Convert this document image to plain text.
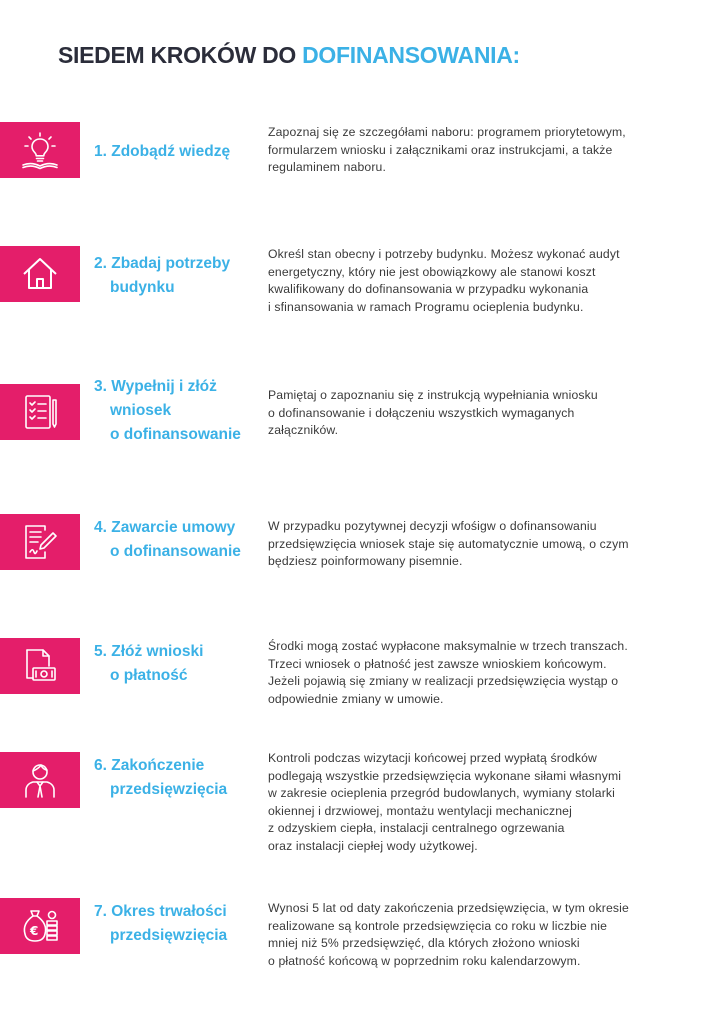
SIEDEM KROKÓW DO DOFINANSOWANIA:
1. Zdobądź wiedzę
Zapoznaj się ze szczegółami naboru: programem priorytetowym,
formularzem wniosku i załącznikami oraz instrukcjami, a także
regulaminem naboru.
2. Zbadaj potrzeby
budynku
Określ stan obecny i potrzeby budynku. Możesz wykonać audyt
energetyczny, który nie jest obowiązkowy ale stanowi koszt
kwalifikowany do dofinansowania w przypadku wykonania
i sfinansowania w ramach Programu ocieplenia budynku.
3. Wypełnij i złóż
wniosek
o dofinansowanie
Pamiętaj o zapoznaniu się z instrukcją wypełniania wniosku
o dofinansowanie i dołączeniu wszystkich wymaganych
załączników.
4. Zawarcie umowy
o dofinansowanie
W przypadku pozytywnej decyzji wfośigw o dofinansowaniu
przedsięwzięcia wniosek staje się automatycznie umową, o czym
będziesz poinformowany pisemnie.
5. Złóż wnioski
o płatność
Środki mogą zostać wypłacone maksymalnie w trzech transzach.
Trzeci wniosek o płatność jest zawsze wnioskiem końcowym.
Jeżeli pojawią się zmiany w realizacji przedsięwzięcia wystąp o
odpowiednie zmiany w umowie.
6. Zakończenie
przedsięwzięcia
Kontroli podczas wizytacji końcowej przed wypłatą środków
podlegają wszystkie przedsięwzięcia wykonane siłami własnymi
w zakresie ocieplenia przegród budowlanych, wymiany stolarki
okiennej i drzwiowej, montażu wentylacji mechanicznej
z odzyskiem ciepła, instalacji centralnego ogrzewania
oraz instalacji ciepłej wody użytkowej.
€
7. Okres trwałości
przedsięwzięcia
Wynosi 5 lat od daty zakończenia przedsięwzięcia, w tym okresie
realizowane są kontrole przedsięwzięcia co roku w liczbie nie
mniej niż 5% przedsięwzięć, dla których złożono wnioski
o płatność końcową w poprzednim roku kalendarzowym.
